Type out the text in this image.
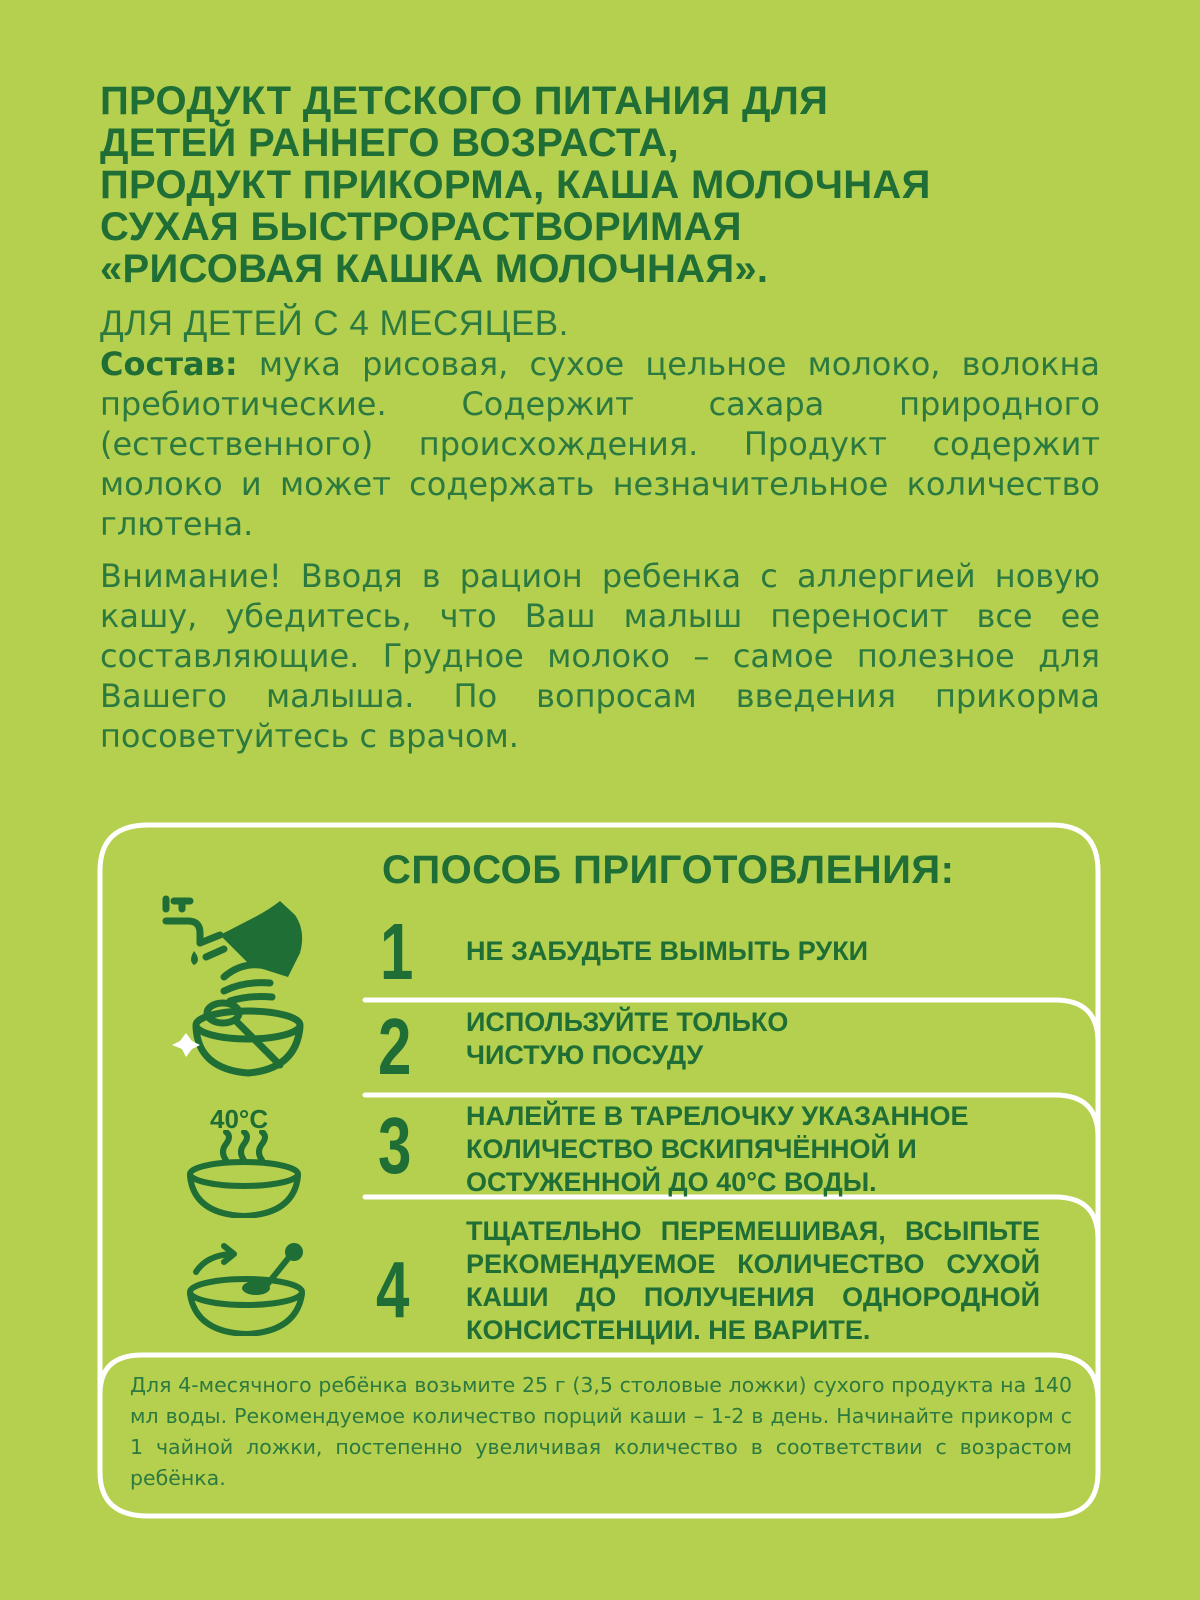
ПРОДУКТ ДЕТСКОГО ПИТАНИЯ ДЛЯ
ДЕТЕЙ РАННЕГО ВОЗРАСТА,
ПРОДУКТ ПРИКОРМА, КАША МОЛОЧНАЯ
СУХАЯ БЫСТРОРАСТВОРИМАЯ
«РИСОВАЯ КАШКА МОЛОЧНАЯ».

ДЛЯ ДЕТЕЙ С 4 МЕСЯЦЕВ.

Состав: мука рисовая, сухое цельное молоко, волокна пребиотические. Содержит сахара природного (естественного) происхождения. Продукт содержит молоко и может содержать незначительное количество глютена.

Внимание! Вводя в рацион ребенка с аллергией новую кашу, убедитесь, что Ваш малыш переносит все ее составляющие. Грудное молоко – самое полезное для Вашего малыша. По вопросам введения прикорма посоветуйтесь с врачом.

СПОСОБ ПРИГОТОВЛЕНИЯ:
1 НЕ ЗАБУДЬТЕ ВЫМЫТЬ РУКИ

2 ИСПОЛЬЗУЙТЕ ТОЛЬКО ЧИСТУЮ ПОСУДУ

3 НАЛЕЙТЕ В ТАРЕЛОЧКУ УКАЗАННОЕ КОЛИЧЕСТВО ВСКИПЯЧЁННОЙ И ОСТУЖЕННОЙ ДО 40°С ВОДЫ.

4

ТЩАТЕЛЬНО ПЕРЕМЕШИВАЯ, ВСЫПЬТЕ РЕКОМЕНДУЕМОЕ КОЛИЧЕСТВО СУХОЙ КАШИ ДО ПОЛУЧЕНИЯ ОДНОРОДНОЙ КОНСИСТЕНЦИИ. НЕ ВАРИТЕ.

40°C

Для 4-месячного ребёнка возьмите 25 г (3,5 столовые ложки) сухого продукта на 140 мл воды. Рекомендуемое количество порций каши – 1-2 в день. Начинайте прикорм с 1 чайной ложки, постепенно увеличивая количество в соответствии с возрастом ребёнка.
